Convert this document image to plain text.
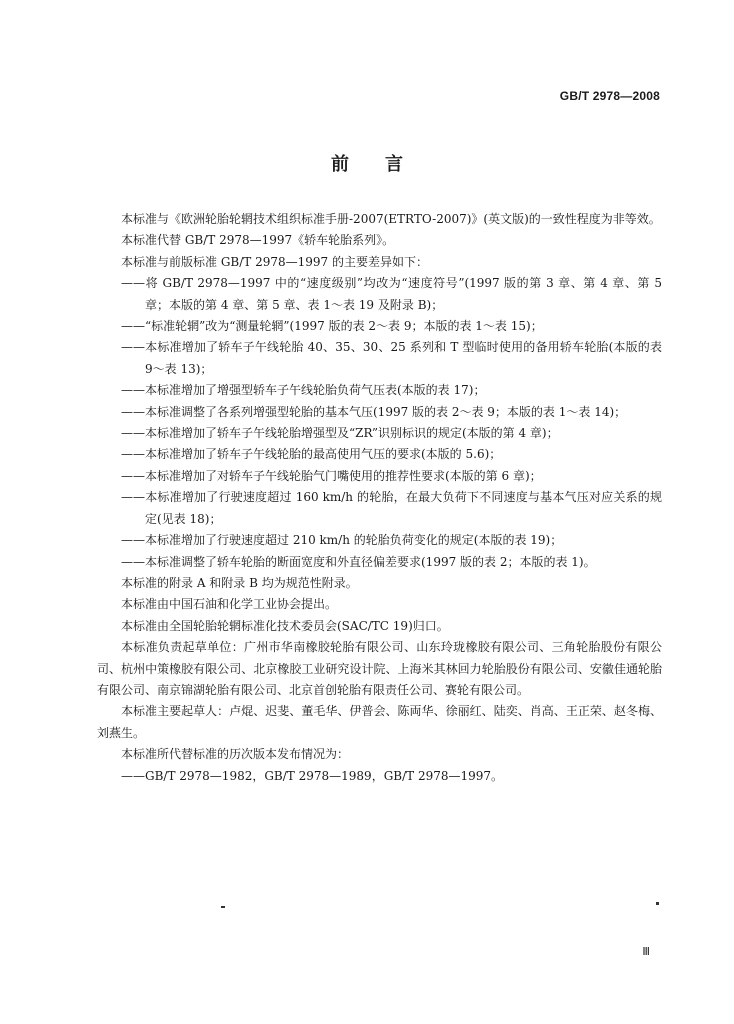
GB/T 2978—2008
前言

本标准与《欧洲轮胎轮辋技术组织标准手册-2007(ETRTO-2007)》(英文版)的一致性程度为非等效。

本标准代替 GB/T 2978—1997《轿车轮胎系列》。

本标准与前版标准 GB/T 2978—1997 的主要差异如下：

——将 GB/T 2978—1997 中的“速度级别”均改为“速度符号”(1997 版的第 3 章、第 4 章、第 5 章；本版的第 4 章、第 5 章、表 1～表 19 及附录 B)；

——“标准轮辋”改为“测量轮辋”(1997 版的表 2～表 9；本版的表 1～表 15)；

——本标准增加了轿车子午线轮胎 40、35、30、25 系列和 T 型临时使用的备用轿车轮胎(本版的表 9～表 13)；

——本标准增加了增强型轿车子午线轮胎负荷气压表(本版的表 17)；

——本标准调整了各系列增强型轮胎的基本气压(1997 版的表 2～表 9；本版的表 1～表 14)；

——本标准增加了轿车子午线轮胎增强型及“ZR”识别标识的规定(本版的第 4 章)；

——本标准增加了轿车子午线轮胎的最高使用气压的要求(本版的 5.6)；

——本标准增加了对轿车子午线轮胎气门嘴使用的推荐性要求(本版的第 6 章)；

——本标准增加了行驶速度超过 160 km/h 的轮胎，在最大负荷下不同速度与基本气压对应关系的规定(见表 18)；

——本标准增加了行驶速度超过 210 km/h 的轮胎负荷变化的规定(本版的表 19)；

——本标准调整了轿车轮胎的断面宽度和外直径偏差要求(1997 版的表 2；本版的表 1)。

本标准的附录 A 和附录 B 均为规范性附录。

本标准由中国石油和化学工业协会提出。

本标准由全国轮胎轮辋标准化技术委员会(SAC/TC 19)归口。

本标准负责起草单位：广州市华南橡胶轮胎有限公司、山东玲珑橡胶有限公司、三角轮胎股份有限公司、杭州中策橡胶有限公司、北京橡胶工业研究设计院、上海米其林回力轮胎股份有限公司、安徽佳通轮胎有限公司、南京锦湖轮胎有限公司、北京首创轮胎有限责任公司、赛轮有限公司。

本标准主要起草人：卢焜、迟斐、董毛华、伊普会、陈両华、徐丽红、陆奕、肖高、王正荣、赵冬梅、刘燕生。

本标准所代替标准的历次版本发布情况为：

——GB/T 2978—1982，GB/T 2978—1989，GB/T 2978—1997。

Ⅲ
